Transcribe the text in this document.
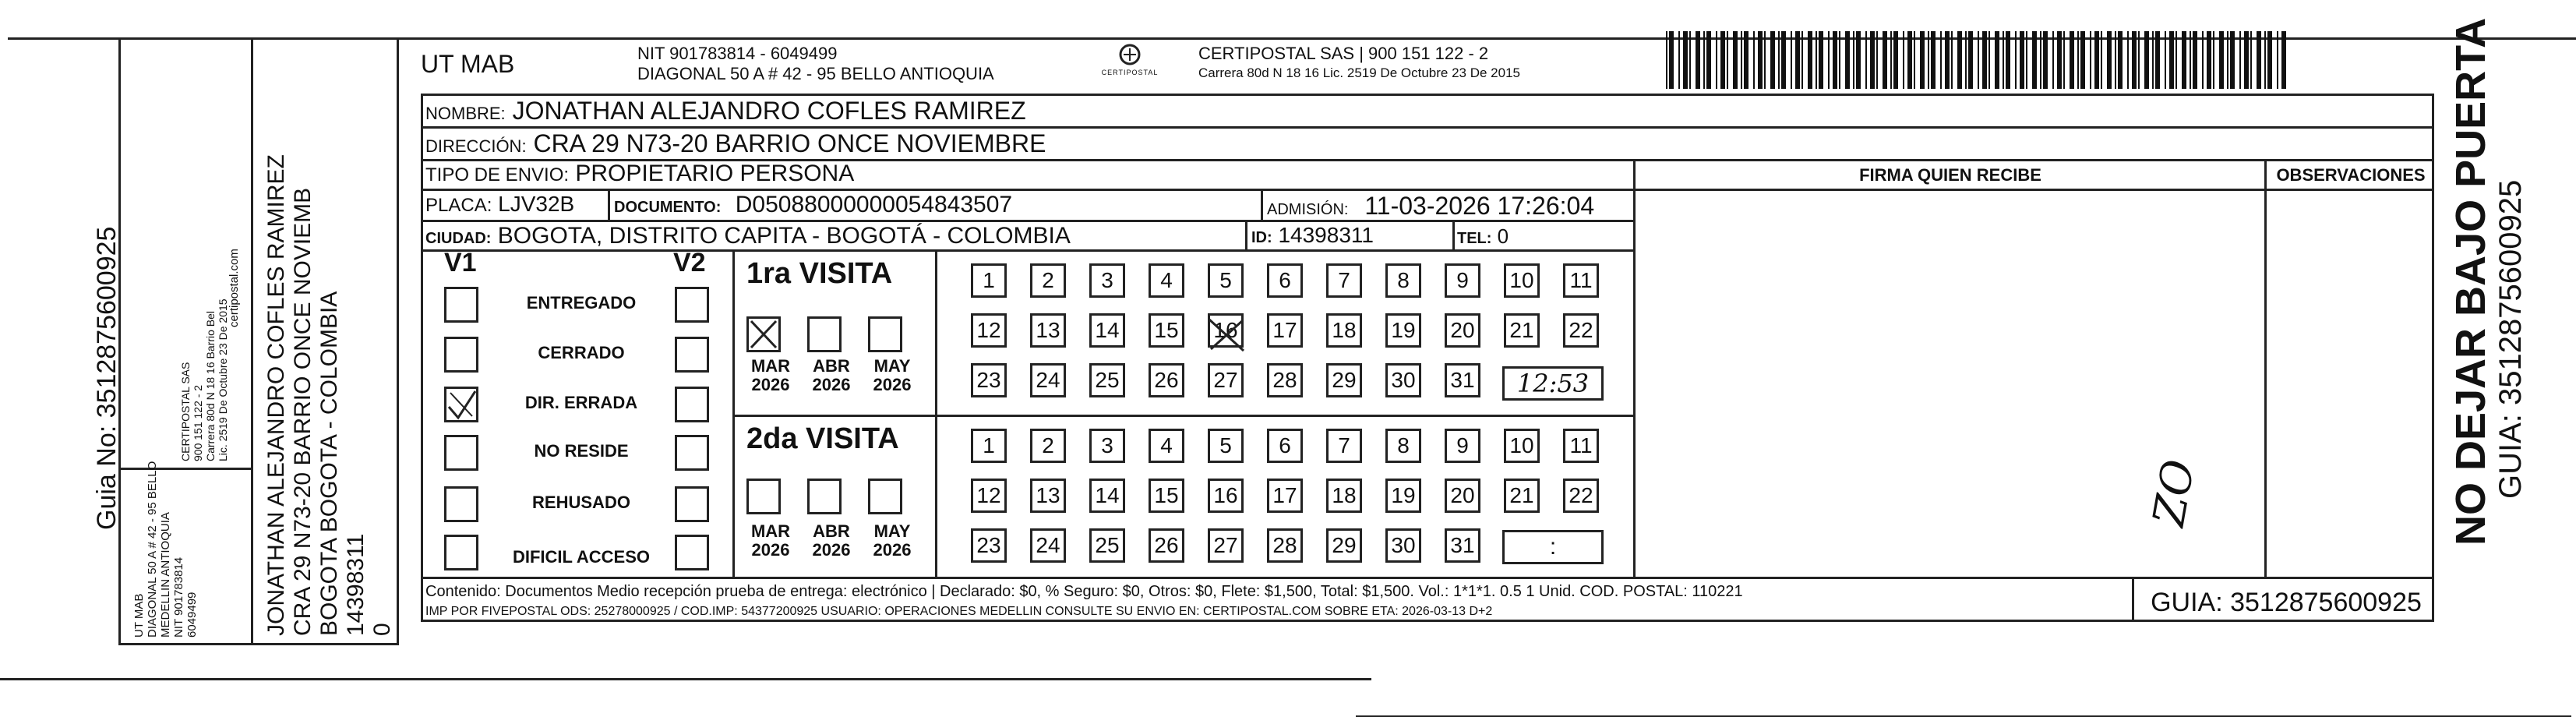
Guia No: 3512875600925
UT MAB DIAGONAL 50 A # 42 - 95 BELLO MEDELLIN ANTIOQUIA NIT 901783814 6049499
CERTIPOSTAL SAS 900 151 122 - 2 Carrera 80d N 18 16 Barrio Bel Lic. 2519 De Octubre 23 De 2015
certipostal.com JONATHAN ALEJANDRO COFLES RAMIREZ CRA 29 N73-20 BARRIO ONCE NOVIEMB BOGOTA BOGOTA - COLOMBIA 14398311 0
UT MAB	NIT 901783814 - 6049499
DIAGONAL 50 A # 42 - 95 BELLO ANTIOQUIA	CERTIPOSTAL
CERTIPOSTAL SAS | 900 151 122 - 2
Carrera 80d N 18 16 Lic. 2519 De Octubre 23 De 2015
NOMBRE: JONATHAN ALEJANDRO COFLES RAMIREZ
DIRECCIÓN: CRA 29 N73-20 BARRIO ONCE NOVIEMBRE
TIPO DE ENVIO: PROPIETARIO PERSONA	FIRMA QUIEN RECIBE	OBSERVACIONES
PLACA: LJV32B	DOCUMENTO: D05088000000054843507	ADMISIÓN: 11-03-2026 17:26:04
CIUDAD: BOGOTA, DISTRITO CAPITA - BOGOTÁ - COLOMBIA	ID: 14398311	TEL: 0
V1	V2
ENTREGADO
CERRADO
DIR. ERRADA
NO RESIDE
REHUSADO
DIFICIL ACCESO
1ra VISITA
MAR ABR MAY
2026 2026 2026
1	2	3	4	5	6	7	8	9	10	11
12 13 14 15 16 17 18 19 20 21 22
23 24 25 26 27 28 29 30 31	12:53
2da VISITA
MAR ABR MAY
2026 2026 2026
1	2	3	4	5	6	7	8	9	10	11
12 13 14 15 16 17 18 19 20 21 22
23 24 25 26 27 28 29 30 31	:
ZO
Contenido: Documentos Medio recepción prueba de entrega: electrónico | Declarado: $0, % Seguro: $0, Otros: $0, Flete: $1,500, Total: $1,500. Vol.: 1*1*1. 0.5 1 Unid. COD. POSTAL: 110221
IMP POR FIVEPOSTAL ODS: 25278000925 / COD.IMP: 54377200925 USUARIO: OPERACIONES MEDELLIN CONSULTE SU ENVIO EN: CERTIPOSTAL.COM SOBRE ETA: 2026-03-13 D+2	GUIA: 3512875600925
NO DEJAR BAJO PUERTA GUIA: 3512875600925
